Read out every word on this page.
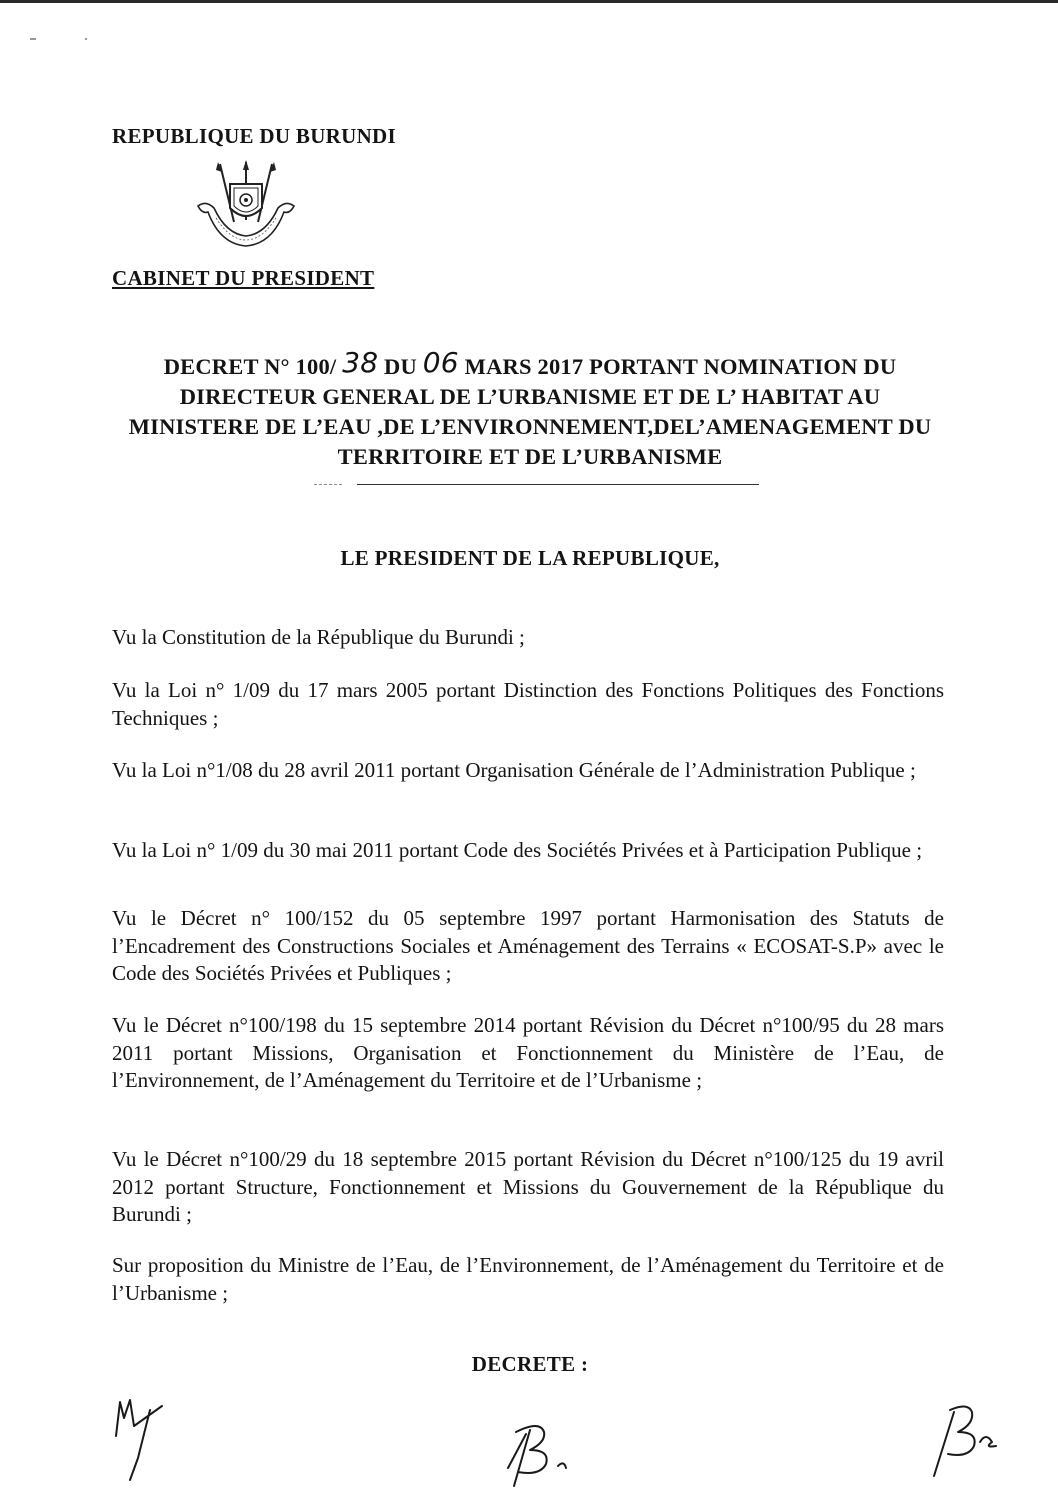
REPUBLIQUE DU BURUNDI
CABINET DU PRESIDENT
DECRET N° 100/ 38 DU 06 MARS 2017 PORTANT NOMINATION DU
DIRECTEUR GENERAL DE L’URBANISME ET DE L’ HABITAT AU
MINISTERE DE L’EAU ,DE L’ENVIRONNEMENT,DEL’AMENAGEMENT DU
TERRITOIRE ET DE L’URBANISME
LE PRESIDENT DE LA REPUBLIQUE,
Vu la Constitution de la République du Burundi ;
Vu la Loi n° 1/09 du 17 mars 2005 portant Distinction des Fonctions Politiques des Fonctions Techniques ;
Vu la Loi n°1/08 du 28 avril 2011 portant Organisation Générale de l’Administration Publique ;
Vu la Loi n° 1/09 du 30 mai 2011 portant Code des Sociétés Privées et à Participation Publique ;
Vu le Décret n° 100/152 du 05 septembre 1997 portant Harmonisation des Statuts de l’Encadrement des Constructions Sociales et Aménagement des Terrains « ECOSAT-S.P» avec le Code des Sociétés Privées et Publiques ;
Vu le Décret n°100/198 du 15 septembre 2014 portant Révision du Décret n°100/95 du 28 mars 2011 portant Missions, Organisation et Fonctionnement du Ministère de l’Eau, de l’Environnement, de l’Aménagement du Territoire et de l’Urbanisme ;
Vu le Décret n°100/29 du 18 septembre 2015 portant Révision du Décret n°100/125 du 19 avril 2012 portant Structure, Fonctionnement et Missions du Gouvernement de la République du Burundi ;
Sur proposition du Ministre de l’Eau, de l’Environnement, de l’Aménagement du Territoire et de l’Urbanisme ;
DECRETE :
